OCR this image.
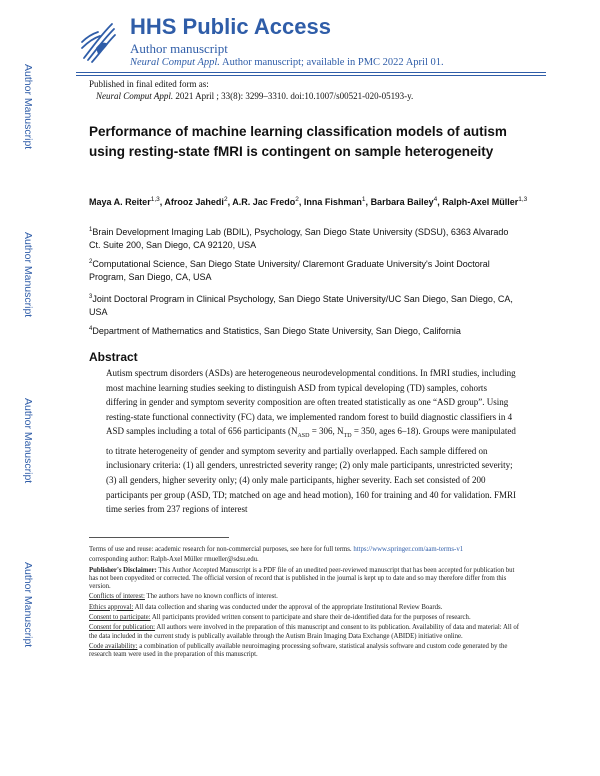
Author Manuscript
Author Manuscript
Author Manuscript
Author Manuscript
HHS Public Access
Author manuscript
Neural Comput Appl. Author manuscript; available in PMC 2022 April 01.
Published in final edited form as:
Neural Comput Appl. 2021 April ; 33(8): 3299–3310. doi:10.1007/s00521-020-05193-y.
Performance of machine learning classification models of autism using resting-state fMRI is contingent on sample heterogeneity
Maya A. Reiter$^{1,3}$, Afrooz Jahedi$^2$, A.R. Jac Fredo$^2$, Inna Fishman$^1$, Barbara Bailey$^4$, Ralph-Axel Müller$^{1,3}$
$^1$Brain Development Imaging Lab (BDIL), Psychology, San Diego State University (SDSU), 6363 Alvarado Ct. Suite 200, San Diego, CA 92120, USA
$^2$Computational Science, San Diego State University/ Claremont Graduate University's Joint Doctoral Program, San Diego, CA, USA
$^3$Joint Doctoral Program in Clinical Psychology, San Diego State University/UC San Diego, San Diego, CA, USA
$^4$Department of Mathematics and Statistics, San Diego State University, San Diego, California
Abstract
Autism spectrum disorders (ASDs) are heterogeneous neurodevelopmental conditions. In fMRI studies, including most machine learning studies seeking to distinguish ASD from typical developing (TD) samples, cohorts differing in gender and symptom severity composition are often treated statistically as one “ASD group”. Using resting-state functional connectivity (FC) data, we implemented random forest to build diagnostic classifiers in 4 ASD samples including a total of 656 participants ($N_{ASD} = 306$, $N_{TD} = 350$, ages 6–18). Groups were manipulated to titrate heterogeneity of gender and symptom severity and partially overlapped. Each sample differed on inclusionary criteria: (1) all genders, unrestricted severity range; (2) only male participants, unrestricted severity; (3) all genders, higher severity only; (4) only male participants, higher severity. Each set consisted of 200 participants per group (ASD, TD; matched on age and head motion), 160 for training and 40 for validation. FMRI time series from 237 regions of interest
Terms of use and reuse: academic research for non-commercial purposes, see here for full terms. https://www.springer.com/aam-terms-v1
corresponding author: Ralph-Axel Müller rmueller@sdsu.edu.
Publisher's Disclaimer: This Author Accepted Manuscript is a PDF file of an unedited peer-reviewed manuscript that has been accepted for publication but has not been copyedited or corrected. The official version of record that is published in the journal is kept up to date and so may therefore differ from this version.
Conflicts of interest: The authors have no known conflicts of interest.
Ethics approval: All data collection and sharing was conducted under the approval of the appropriate Institutional Review Boards.
Consent to participate: All participants provided written consent to participate and share their de-identified data for the purposes of research.
Consent for publication: All authors were involved in the preparation of this manuscript and consent to its publication. Availability of data and material: All of the data included in the current study is publically available through the Autism Brain Imaging Data Exchange (ABIDE) initiative online.
Code availability: a combination of publically available neuroimaging processing software, statistical analysis software and custom code generated by the research team were used in the preparation of this manuscript.
